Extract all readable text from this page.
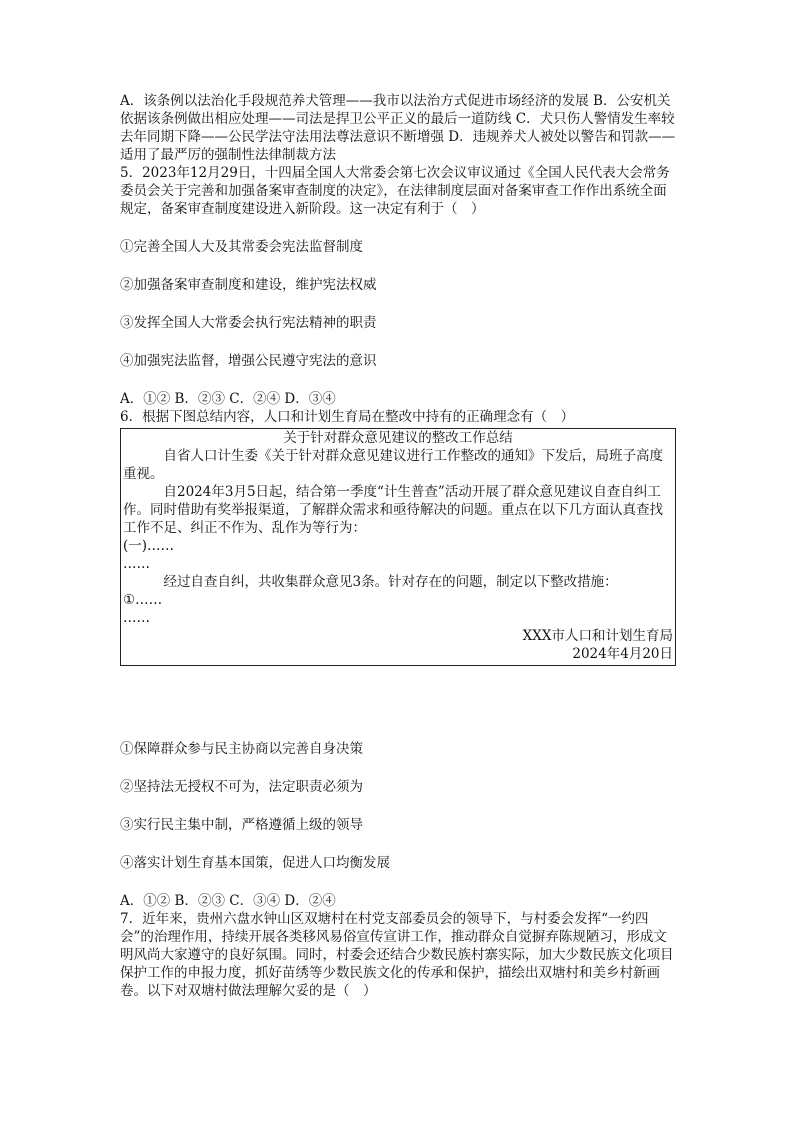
A．该条例以法治化手段规范养犬管理——我市以法治方式促进市场经济的发展 B．公安机关依据该条例做出相应处理——司法是捍卫公平正义的最后一道防线 C．犬只伤人警情发生率较去年同期下降——公民学法守法用法尊法意识不断增强 D．违规养犬人被处以警告和罚款——适用了最严厉的强制性法律制裁方法

5．2023年12月29日，十四届全国人大常委会第七次会议审议通过《全国人民代表大会常务委员会关于完善和加强备案审查制度的决定》，在法律制度层面对备案审查工作作出系统全面规定，备案审查制度建设进入新阶段。这一决定有利于（　）

①完善全国人大及其常委会宪法监督制度

②加强备案审查制度和建设，维护宪法权威

③发挥全国人大常委会执行宪法精神的职责

④加强宪法监督，增强公民遵守宪法的意识

A．①② B．②③ C．②④ D．③④

6．根据下图总结内容，人口和计划生育局在整改中持有的正确理念有（　）

关于针对群众意见建议的整改工作总结
自省人口计生委《关于针对群众意见建议进行工作整改的通知》下发后，局班子高度重视。
自2024年3月5日起，结合第一季度“计生普查”活动开展了群众意见建议自查自纠工作。同时借助有奖举报渠道，了解群众需求和亟待解决的问题。重点在以下几方面认真查找工作不足、纠正不作为、乱作为等行为：
(一)……
……
经过自查自纠，共收集群众意见3条。针对存在的问题，制定以下整改措施：
①……
……
XXX市人口和计划生育局
2024年4月20日

①保障群众参与民主协商以完善自身决策

②坚持法无授权不可为，法定职责必须为

③实行民主集中制，严格遵循上级的领导

④落实计划生育基本国策，促进人口均衡发展

A．①② B．②③ C．③④ D．②④

7．近年来，贵州六盘水钟山区双塘村在村党支部委员会的领导下，与村委会发挥“一约四会”的治理作用，持续开展各类移风易俗宣传宣讲工作，推动群众自觉摒弃陈规陋习，形成文明风尚大家遵守的良好氛围。同时，村委会还结合少数民族村寨实际，加大少数民族文化项目保护工作的申报力度，抓好苗绣等少数民族文化的传承和保护，描绘出双塘村和美乡村新画卷。以下对双塘村做法理解欠妥的是（　）
